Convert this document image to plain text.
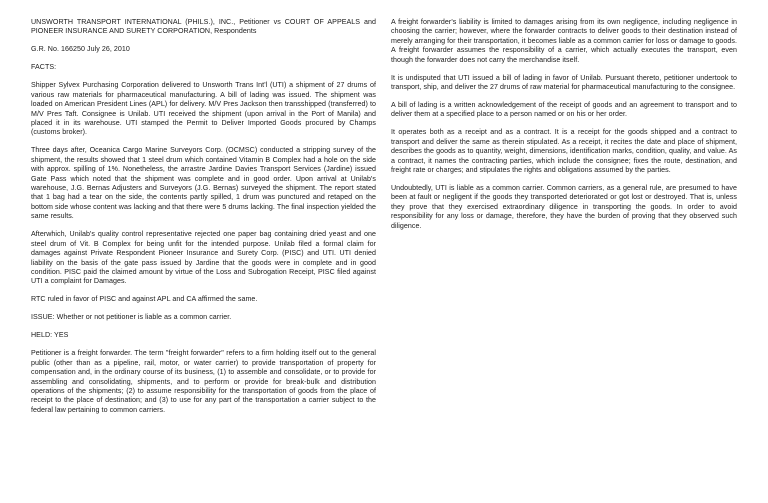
UNSWORTH TRANSPORT INTERNATIONAL (PHILS.), INC., Petitioner vs COURT OF APPEALS and PIONEER INSURANCE AND SURETY CORPORATION, Respondents

G.R. No. 166250 July 26, 2010

FACTS:

Shipper Sylvex Purchasing Corporation delivered to Unsworth Trans Int'l (UTI) a shipment of 27 drums of various raw materials for pharmaceutical manufacturing. A bill of lading was issued. The shipment was loaded on American President Lines (APL) for delivery. M/V Pres Jackson then transshipped (transferred) to M/V Pres Taft. Consignee is Unilab. UTI received the shipment (upon arrival in the Port of Manila) and placed it in its warehouse. UTI stamped the Permit to Deliver Imported Goods procured by Champs (customs broker).

Three days after, Oceanica Cargo Marine Surveyors Corp. (OCMSC) conducted a stripping survey of the shipment, the results showed that 1 steel drum which contained Vitamin B Complex had a hole on the side with approx. spilling of 1%. Nonetheless, the arrastre Jardine Davies Transport Services (Jardine) issued Gate Pass which noted that the shipment was complete and in good order. Upon arrival at Unilab's warehouse, J.G. Bernas Adjusters and Surveyors (J.G. Bernas) surveyed the shipment. The report stated that 1 bag had a tear on the side, the contents partly spilled, 1 drum was punctured and retaped on the bottom side whose content was lacking and that there were 5 drums lacking. The final inspection yielded the same results.

Afterwhich, Unilab's quality control representative rejected one paper bag containing dried yeast and one steel drum of Vit. B Complex for being unfit for the intended purpose. Unilab filed a formal claim for damages against Private Respondent Pioneer Insurance and Surety Corp. (PISC) and UTI. UTI denied liability on the basis of the gate pass issued by Jardine that the goods were in complete and in good condition. PISC paid the claimed amount by virtue of the Loss and Subrogation Receipt, PISC filed against UTI a complaint for Damages.

RTC ruled in favor of PISC and against APL and CA affirmed the same.

ISSUE: Whether or not petitioner is liable as a common carrier.

HELD: YES

Petitioner is a freight forwarder. The term "freight forwarder" refers to a firm holding itself out to the general public (other than as a pipeline, rail, motor, or water carrier) to provide transportation of property for compensation and, in the ordinary course of its business, (1) to assemble and consolidate, or to provide for assembling and consolidating, shipments, and to perform or provide for break-bulk and distribution operations of the shipments; (2) to assume responsibility for the transportation of goods from the place of receipt to the place of destination; and (3) to use for any part of the transportation a carrier subject to the federal law pertaining to common carriers.

A freight forwarder's liability is limited to damages arising from its own negligence, including negligence in choosing the carrier; however, where the forwarder contracts to deliver goods to their destination instead of merely arranging for their transportation, it becomes liable as a common carrier for loss or damage to goods. A freight forwarder assumes the responsibility of a carrier, which actually executes the transport, even though the forwarder does not carry the merchandise itself.

It is undisputed that UTI issued a bill of lading in favor of Unilab. Pursuant thereto, petitioner undertook to transport, ship, and deliver the 27 drums of raw material for pharmaceutical manufacturing to the consignee.

A bill of lading is a written acknowledgement of the receipt of goods and an agreement to transport and to deliver them at a specified place to a person named or on his or her order.

It operates both as a receipt and as a contract. It is a receipt for the goods shipped and a contract to transport and deliver the same as therein stipulated. As a receipt, it recites the date and place of shipment, describes the goods as to quantity, weight, dimensions, identification marks, condition, quality, and value. As a contract, it names the contracting parties, which include the consignee; fixes the route, destination, and freight rate or charges; and stipulates the rights and obligations assumed by the parties.

Undoubtedly, UTI is liable as a common carrier. Common carriers, as a general rule, are presumed to have been at fault or negligent if the goods they transported deteriorated or got lost or destroyed. That is, unless they prove that they exercised extraordinary diligence in transporting the goods. In order to avoid responsibility for any loss or damage, therefore, they have the burden of proving that they observed such diligence.
